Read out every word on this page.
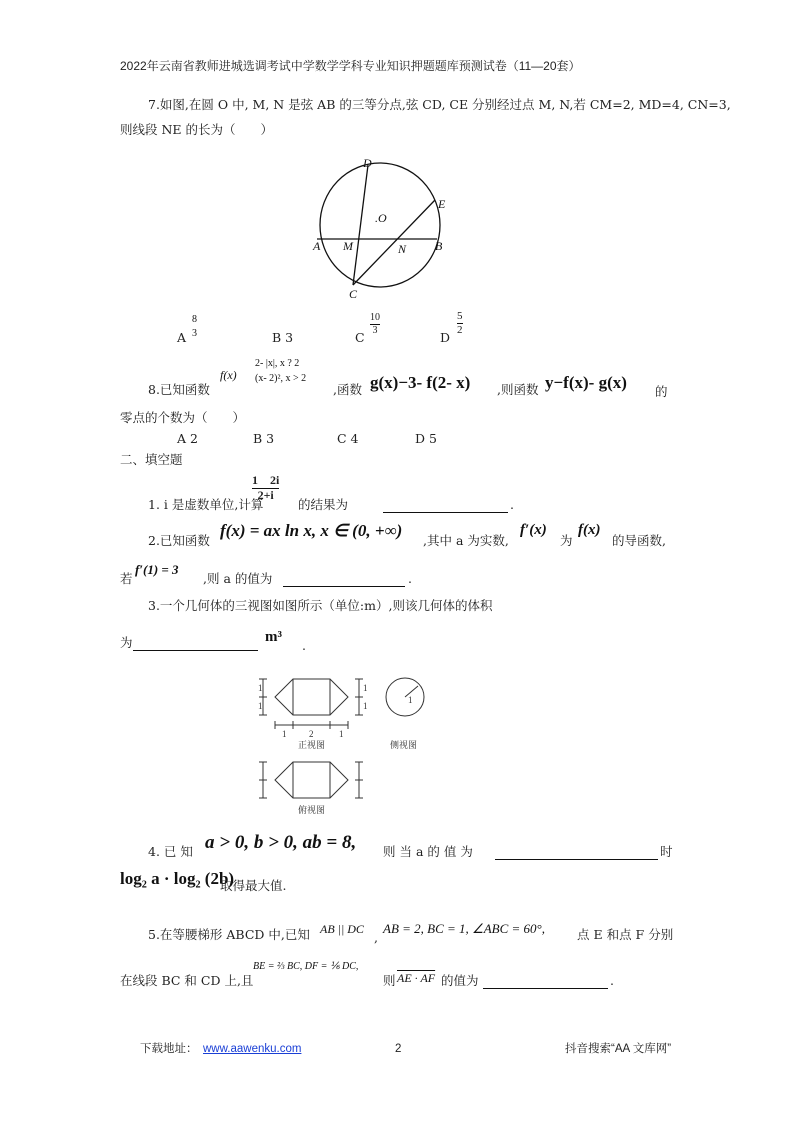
2022年云南省教师进城选调考试中学数学学科专业知识押题题库预测试卷（11—20套）
7.如图,在圆 O 中, M, N 是弦 AB 的三等分点,弦 CD, CE 分别经过点 M, N,若 CM=2, MD=4, CN=3,
则线段 NE 的长为（　　）
D
E
.O
A M	N B
C
A
8
3	B 3	C
10
3	D
5
2
8.已知函数
f(x)
2- |x|, x ? 2
(x- 2)², x > 2
,函数 g(x)−3- f(2- x) ,则函数 y−f(x)- g(x) 的
零点的个数为（　　）
A 2	B 3	C 4	D 5
二、填空题
1. i 是虚数单位,计算
1　2i
2+i
的结果为	.
2.已知函数
f(x) = ax ln x, x ∈ (0, +∞)
,其中 a 为实数,
f′(x)
为
f(x)
的导函数,
若
f′(1) = 3
,则 a 的值为	.
3.一个几何体的三视图如图所示（单位:m）,则该几何体的体积
为	m³
.
1
1
1
1
1	2	1
1
正视图	侧视图
俯视图
4. 已 知 a > 0, b > 0, ab = 8, 则 当 a 的 值 为	时
log₂ a · log₂ (2b)
取得最大值.
5.在等腰梯形 ABCD 中,已知 AB || DC
,
AB = 2, BC = 1, ∠ABC = 60°,	点 E 和点 F 分别
在线段 BC 和 CD 上,且
BE = ⅔ BC, DF = ⅙ DC,
则 AE · AF 的值为	.
下载地址： www.aawenku.com	2	抖音搜索“AA 文库网”
